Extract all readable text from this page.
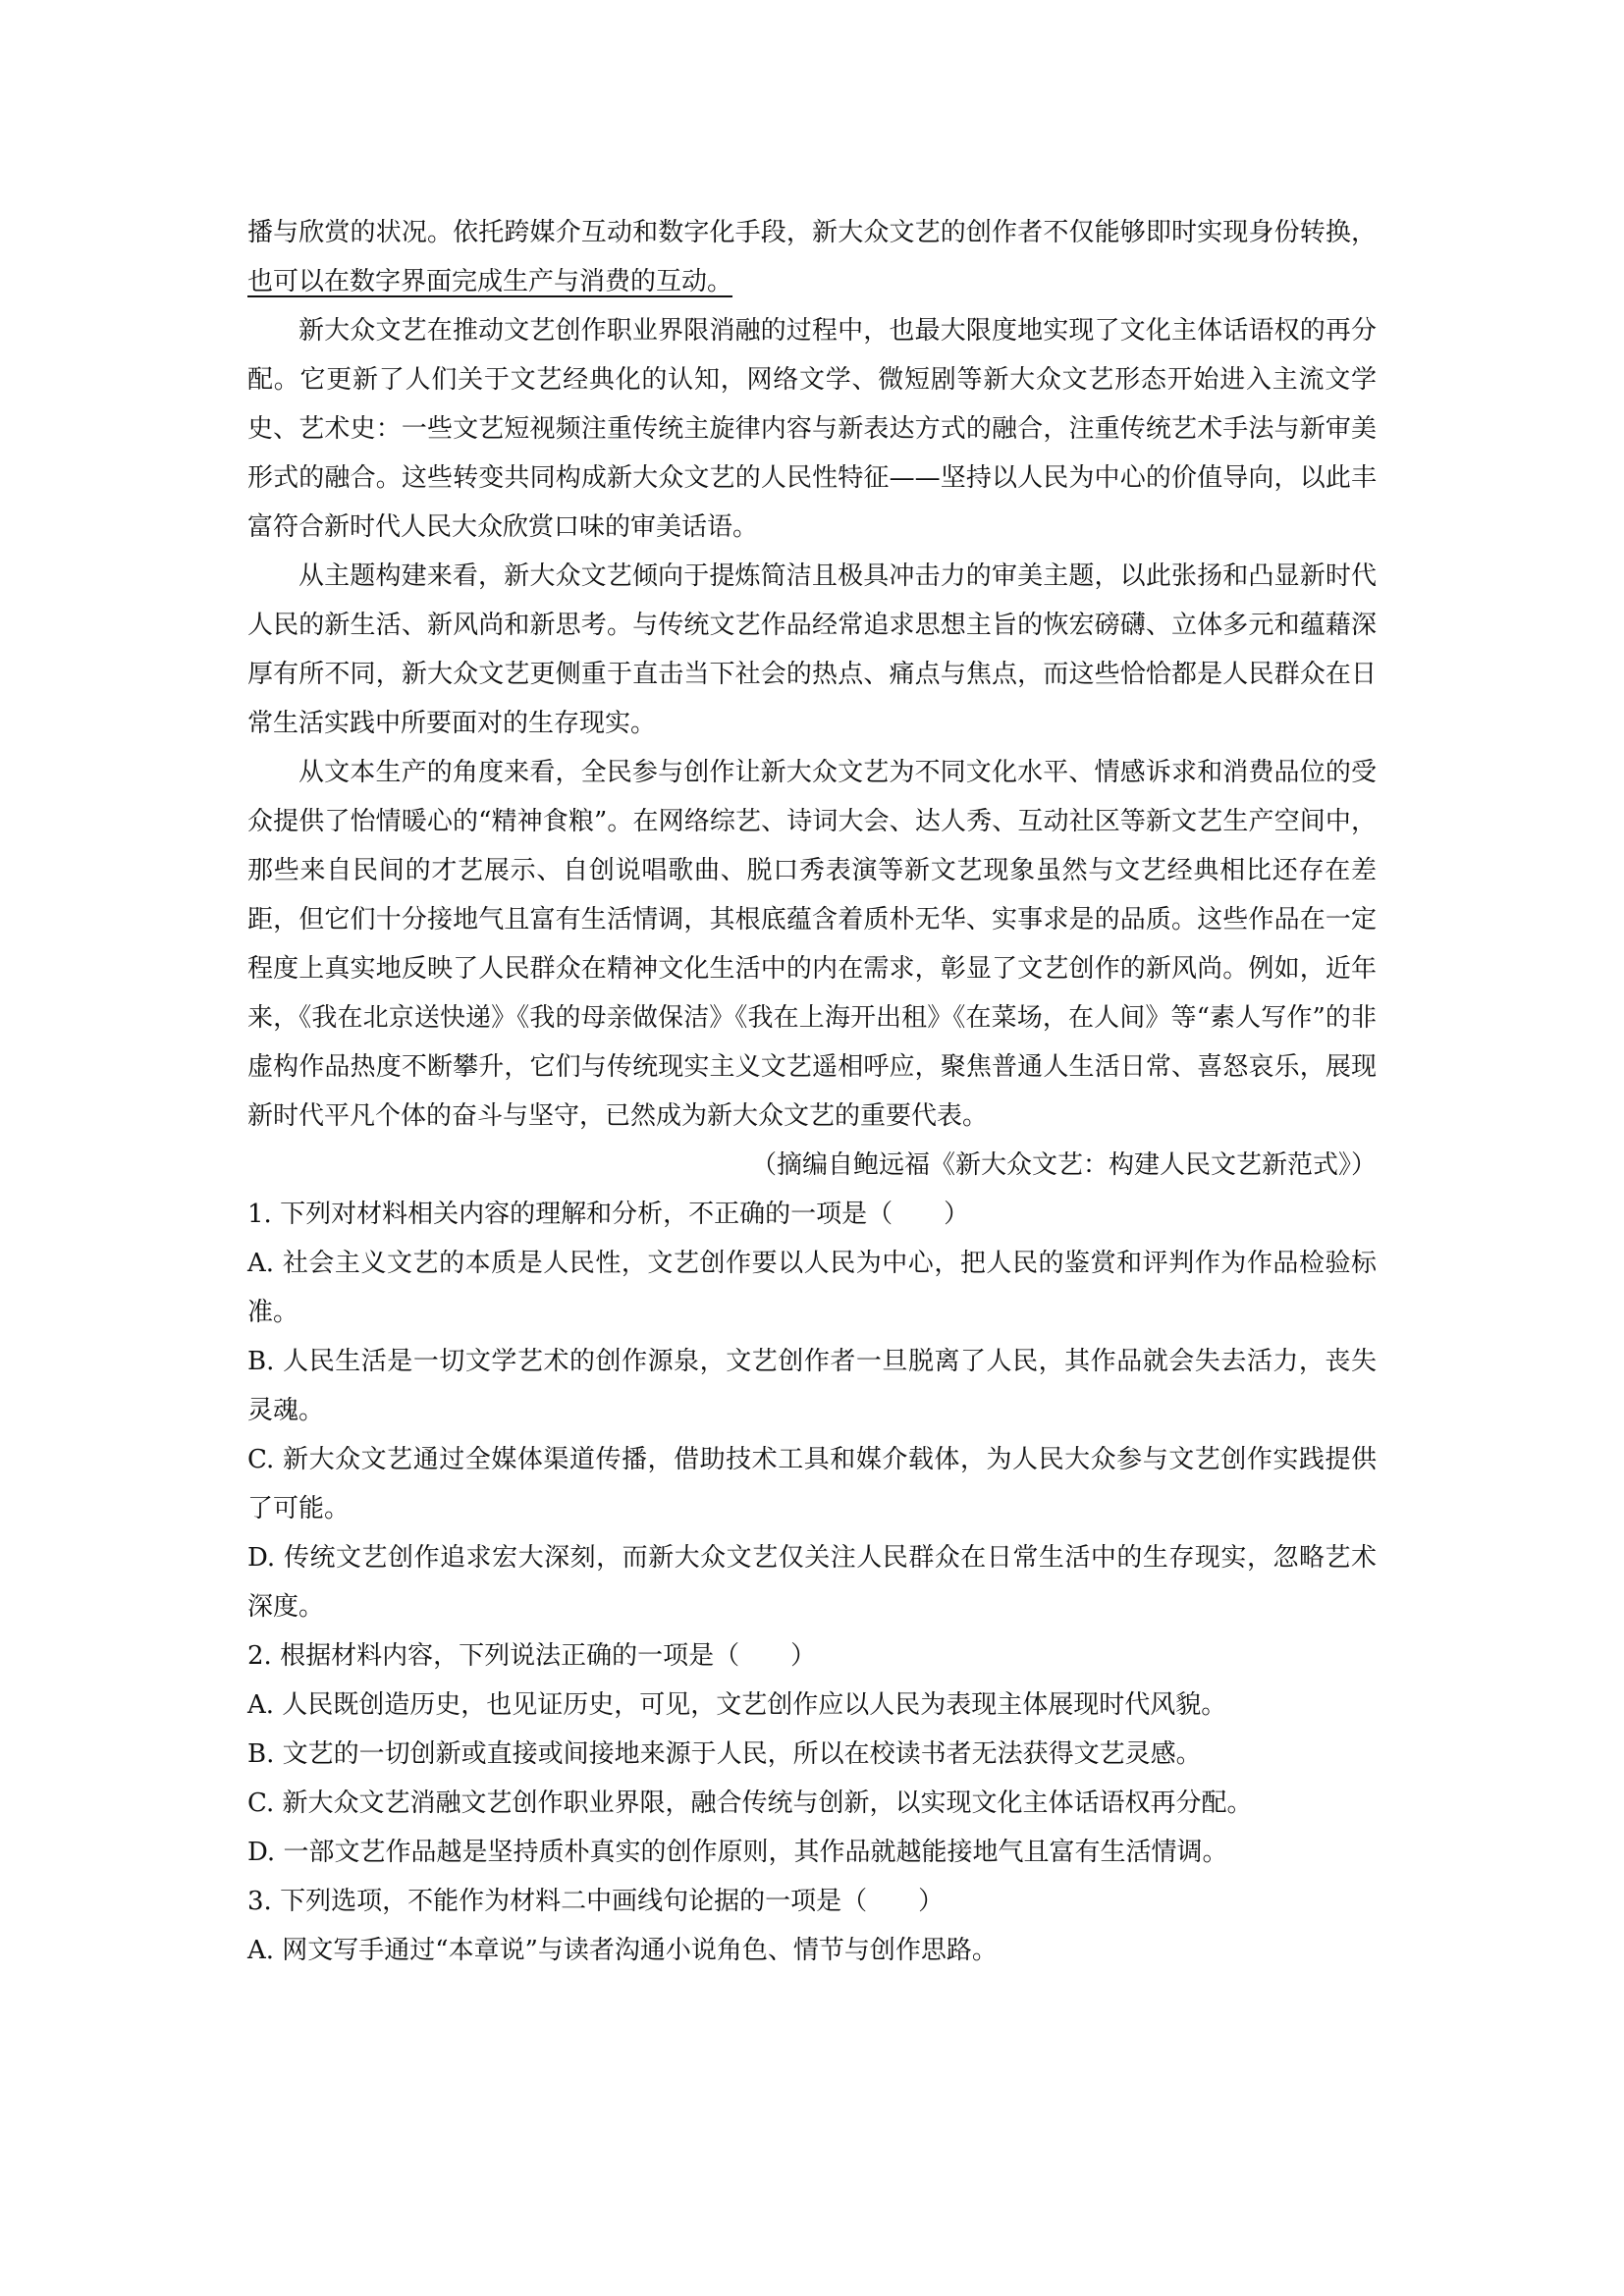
播与欣赏的状况。依托跨媒介互动和数字化手段，新大众文艺的创作者不仅能够即时实现身份转换，也可以在数字界面完成生产与消费的互动。

新大众文艺在推动文艺创作职业界限消融的过程中，也最大限度地实现了文化主体话语权的再分配。它更新了人们关于文艺经典化的认知，网络文学、微短剧等新大众文艺形态开始进入主流文学史、艺术史：一些文艺短视频注重传统主旋律内容与新表达方式的融合，注重传统艺术手法与新审美形式的融合。这些转变共同构成新大众文艺的人民性特征——坚持以人民为中心的价值导向，以此丰富符合新时代人民大众欣赏口味的审美话语。

从主题构建来看，新大众文艺倾向于提炼简洁且极具冲击力的审美主题，以此张扬和凸显新时代人民的新生活、新风尚和新思考。与传统文艺作品经常追求思想主旨的恢宏磅礴、立体多元和蕴藉深厚有所不同，新大众文艺更侧重于直击当下社会的热点、痛点与焦点，而这些恰恰都是人民群众在日常生活实践中所要面对的生存现实。

从文本生产的角度来看，全民参与创作让新大众文艺为不同文化水平、情感诉求和消费品位的受众提供了怡情暖心的“精神食粮”。在网络综艺、诗词大会、达人秀、互动社区等新文艺生产空间中，那些来自民间的才艺展示、自创说唱歌曲、脱口秀表演等新文艺现象虽然与文艺经典相比还存在差距，但它们十分接地气且富有生活情调，其根底蕴含着质朴无华、实事求是的品质。这些作品在一定程度上真实地反映了人民群众在精神文化生活中的内在需求，彰显了文艺创作的新风尚。例如，近年来，《我在北京送快递》《我的母亲做保洁》《我在上海开出租》《在菜场，在人间》等“素人写作”的非虚构作品热度不断攀升，它们与传统现实主义文艺遥相呼应，聚焦普通人生活日常、喜怒哀乐，展现新时代平凡个体的奋斗与坚守，已然成为新大众文艺的重要代表。

（摘编自鲍远福《新大众文艺：构建人民文艺新范式》）

1. 下列对材料相关内容的理解和分析，不正确的一项是（　　）

A. 社会主义文艺的本质是人民性，文艺创作要以人民为中心，把人民的鉴赏和评判作为作品检验标准。

B. 人民生活是一切文学艺术的创作源泉，文艺创作者一旦脱离了人民，其作品就会失去活力，丧失灵魂。

C. 新大众文艺通过全媒体渠道传播，借助技术工具和媒介载体，为人民大众参与文艺创作实践提供了可能。

D. 传统文艺创作追求宏大深刻，而新大众文艺仅关注人民群众在日常生活中的生存现实，忽略艺术深度。

2. 根据材料内容，下列说法正确的一项是（　　）

A. 人民既创造历史，也见证历史，可见，文艺创作应以人民为表现主体展现时代风貌。

B. 文艺的一切创新或直接或间接地来源于人民，所以在校读书者无法获得文艺灵感。

C. 新大众文艺消融文艺创作职业界限，融合传统与创新，以实现文化主体话语权再分配。

D. 一部文艺作品越是坚持质朴真实的创作原则，其作品就越能接地气且富有生活情调。

3. 下列选项，不能作为材料二中画线句论据的一项是（　　）

A. 网文写手通过“本章说”与读者沟通小说角色、情节与创作思路。
